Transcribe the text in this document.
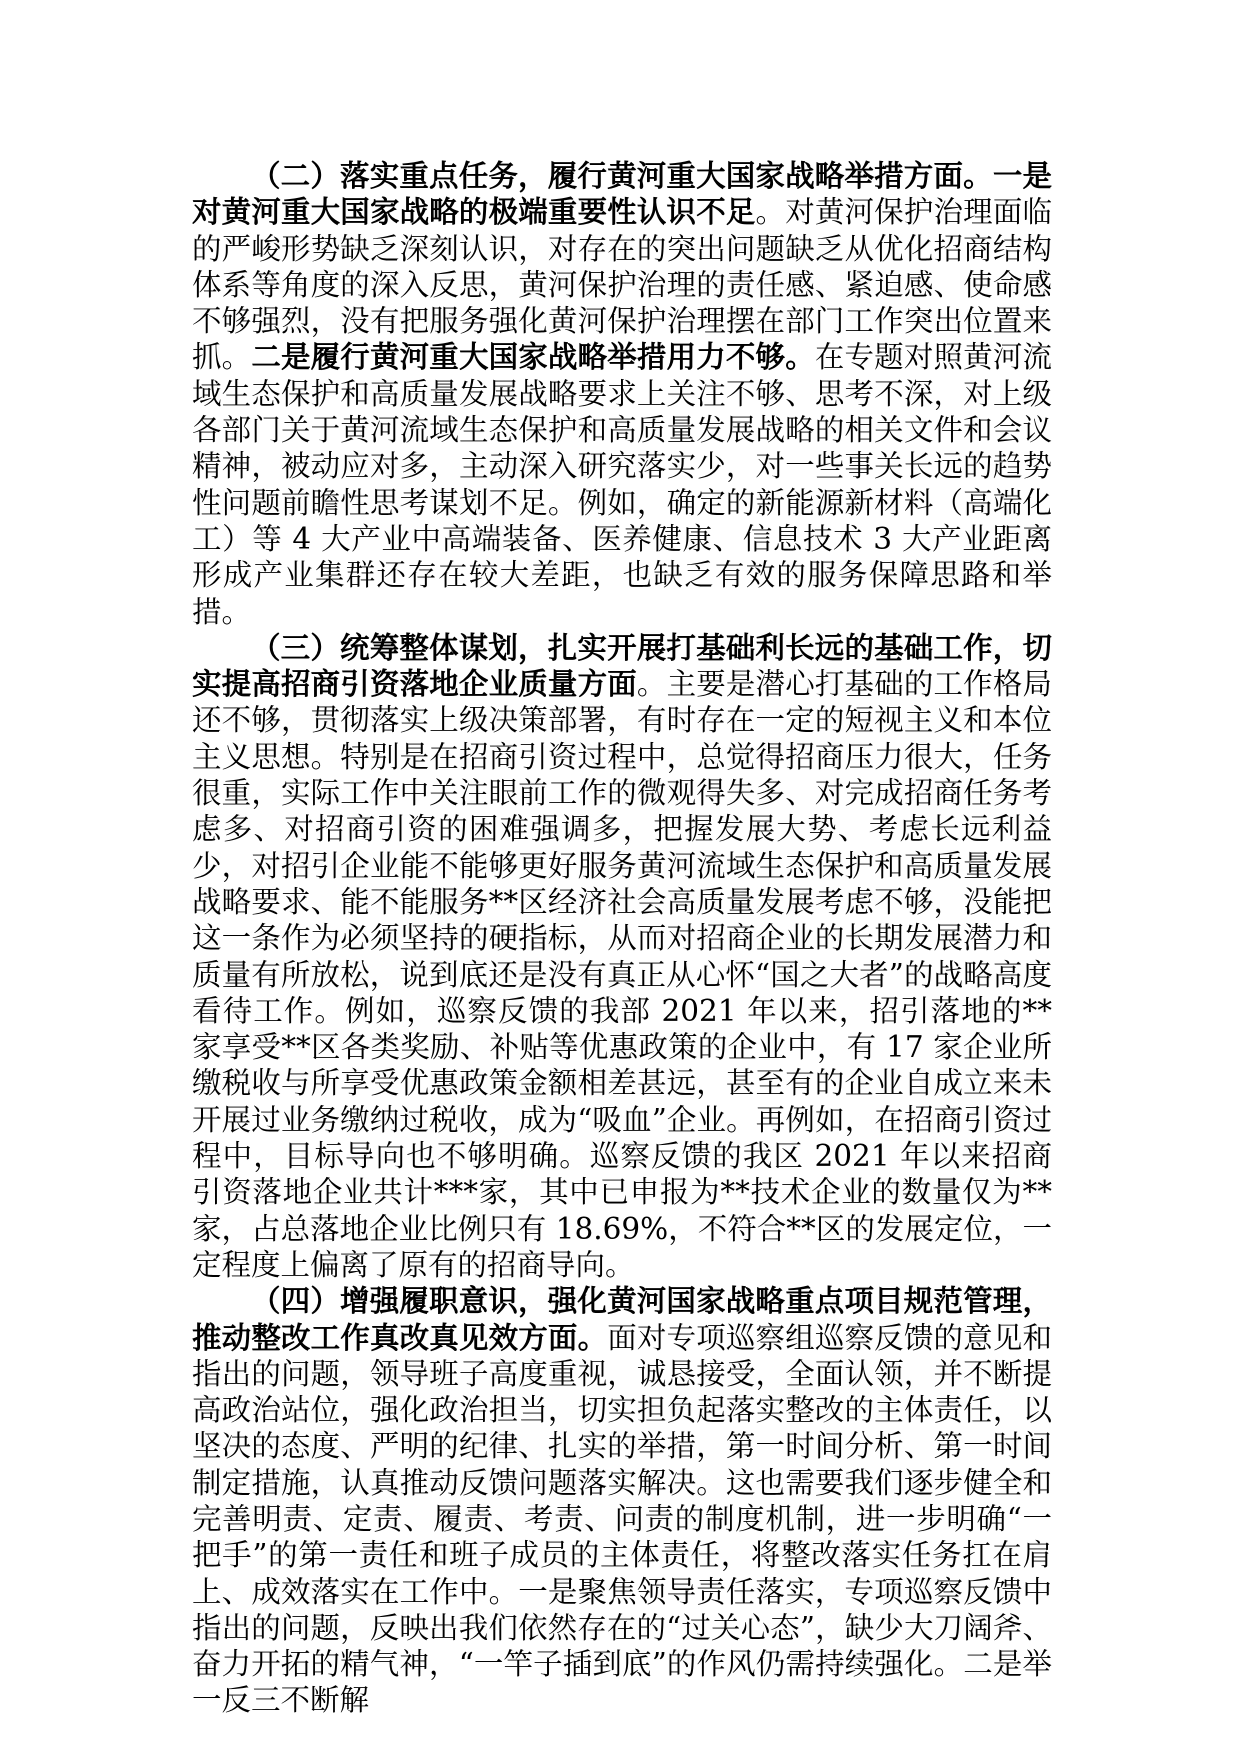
（二）落实重点任务，履行黄河重大国家战略举措方面。一是对黄河重大国家战略的极端重要性认识不足。对黄河保护治理面临的严峻形势缺乏深刻认识，对存在的突出问题缺乏从优化招商结构体系等角度的深入反思，黄河保护治理的责任感、紧迫感、使命感不够强烈，没有把服务强化黄河保护治理摆在部门工作突出位置来抓。二是履行黄河重大国家战略举措用力不够。在专题对照黄河流域生态保护和高质量发展战略要求上关注不够、思考不深，对上级各部门关于黄河流域生态保护和高质量发展战略的相关文件和会议精神，被动应对多，主动深入研究落实少，对一些事关长远的趋势性问题前瞻性思考谋划不足。例如，确定的新能源新材料（高端化工）等 4 大产业中高端装备、医养健康、信息技术 3 大产业距离形成产业集群还存在较大差距，也缺乏有效的服务保障思路和举措。

（三）统筹整体谋划，扎实开展打基础利长远的基础工作，切实提高招商引资落地企业质量方面。主要是潜心打基础的工作格局还不够，贯彻落实上级决策部署，有时存在一定的短视主义和本位主义思想。特别是在招商引资过程中，总觉得招商压力很大，任务很重，实际工作中关注眼前工作的微观得失多、对完成招商任务考虑多、对招商引资的困难强调多，把握发展大势、考虑长远利益少，对招引企业能不能够更好服务黄河流域生态保护和高质量发展战略要求、能不能服务**区经济社会高质量发展考虑不够，没能把这一条作为必须坚持的硬指标，从而对招商企业的长期发展潜力和质量有所放松，说到底还是没有真正从心怀“国之大者”的战略高度看待工作。例如，巡察反馈的我部 2021 年以来，招引落地的**家享受**区各类奖励、补贴等优惠政策的企业中，有 17 家企业所缴税收与所享受优惠政策金额相差甚远，甚至有的企业自成立来未开展过业务缴纳过税收，成为“吸血”企业。再例如，在招商引资过程中，目标导向也不够明确。巡察反馈的我区 2021 年以来招商引资落地企业共计***家，其中已申报为**技术企业的数量仅为**家，占总落地企业比例只有 18.69%，不符合**区的发展定位，一定程度上偏离了原有的招商导向。

（四）增强履职意识，强化黄河国家战略重点项目规范管理，推动整改工作真改真见效方面。面对专项巡察组巡察反馈的意见和指出的问题，领导班子高度重视，诚恳接受，全面认领，并不断提高政治站位，强化政治担当，切实担负起落实整改的主体责任，以坚决的态度、严明的纪律、扎实的举措，第一时间分析、第一时间制定措施，认真推动反馈问题落实解决。这也需要我们逐步健全和完善明责、定责、履责、考责、问责的制度机制，进一步明确“一把手”的第一责任和班子成员的主体责任，将整改落实任务扛在肩上、成效落实在工作中。一是聚焦领导责任落实，专项巡察反馈中指出的问题，反映出我们依然存在的“过关心态”，缺少大刀阔斧、奋力开拓的精气神，“一竿子插到底”的作风仍需持续强化。二是举一反三不断解
